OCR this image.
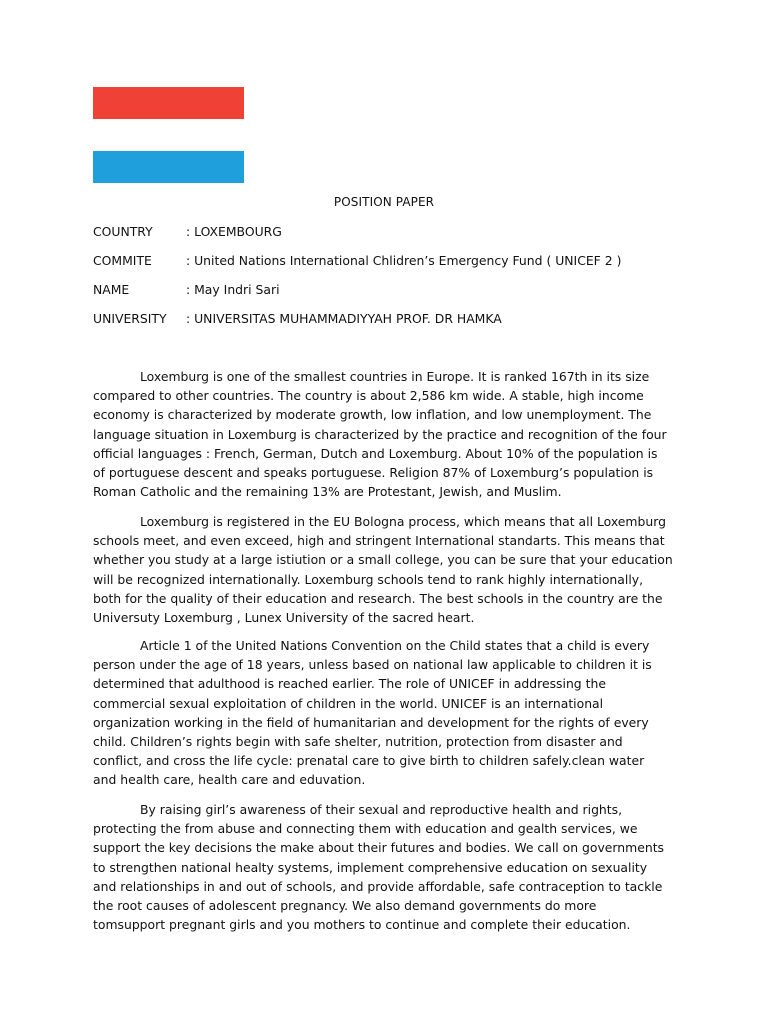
POSITION PAPER
COUNTRY	: LOXEMBOURG
COMMITE	: United Nations International Chlidren’s Emergency Fund ( UNICEF 2 )
NAME	: May Indri Sari
UNIVERSITY : UNIVERSITAS MUHAMMADIYYAH PROF. DR HAMKA

Loxemburg is one of the smallest countries in Europe. It is ranked 167th in its size
compared to other countries. The country is about 2,586 km wide. A stable, high income
economy is characterized by moderate growth, low inflation, and low unemployment. The
language situation in Loxemburg is characterized by the practice and recognition of the four
official languages : French, German, Dutch and Loxemburg. About 10% of the population is
of portuguese descent and speaks portuguese. Religion 87% of Loxemburg’s population is
Roman Catholic and the remaining 13% are Protestant, Jewish, and Muslim.

Loxemburg is registered in the EU Bologna process, which means that all Loxemburg
schools meet, and even exceed, high and stringent International standarts. This means that
whether you study at a large istiution or a small college, you can be sure that your education
will be recognized internationally. Loxemburg schools tend to rank highly internationally,
both for the quality of their education and research. The best schools in the country are the
Universuty Loxemburg , Lunex University of the sacred heart.

Article 1 of the United Nations Convention on the Child states that a child is every
person under the age of 18 years, unless based on national law applicable to children it is
determined that adulthood is reached earlier. The role of UNICEF in addressing the
commercial sexual exploitation of children in the world. UNICEF is an international
organization working in the field of humanitarian and development for the rights of every
child. Children’s rights begin with safe shelter, nutrition, protection from disaster and
conflict, and cross the life cycle: prenatal care to give birth to children safely.clean water
and health care, health care and eduvation.

By raising girl’s awareness of their sexual and reproductive health and rights,
protecting the from abuse and connecting them with education and gealth services, we
support the key decisions the make about their futures and bodies. We call on governments
to strengthen national healty systems, implement comprehensive education on sexuality
and relationships in and out of schools, and provide affordable, safe contraception to tackle
the root causes of adolescent pregnancy. We also demand governments do more
tomsupport pregnant girls and you mothers to continue and complete their education.
